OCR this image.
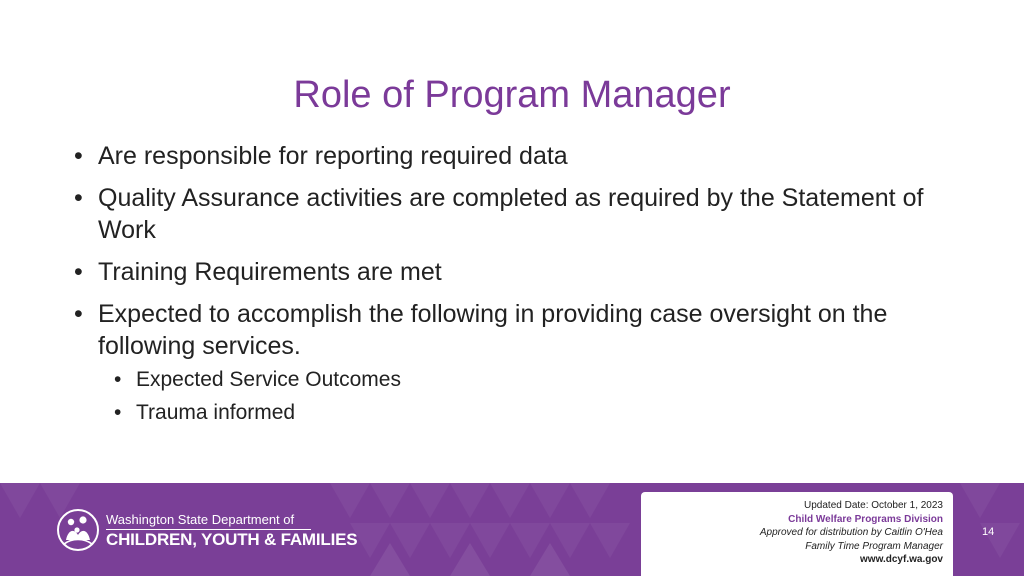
Role of Program Manager
• Are responsible for reporting required data
• Quality Assurance activities are completed as required by the Statement of Work
• Training Requirements are met
• Expected to accomplish the following in providing case oversight on the following services.
• Expected Service Outcomes
• Trauma informed
Washington State Department of
CHILDREN, YOUTH & FAMILIES
Updated Date: October 1, 2023
Child Welfare Programs Division
Approved for distribution by Caitlin O'Hea
Family Time Program Manager
www.dcyf.wa.gov
14
